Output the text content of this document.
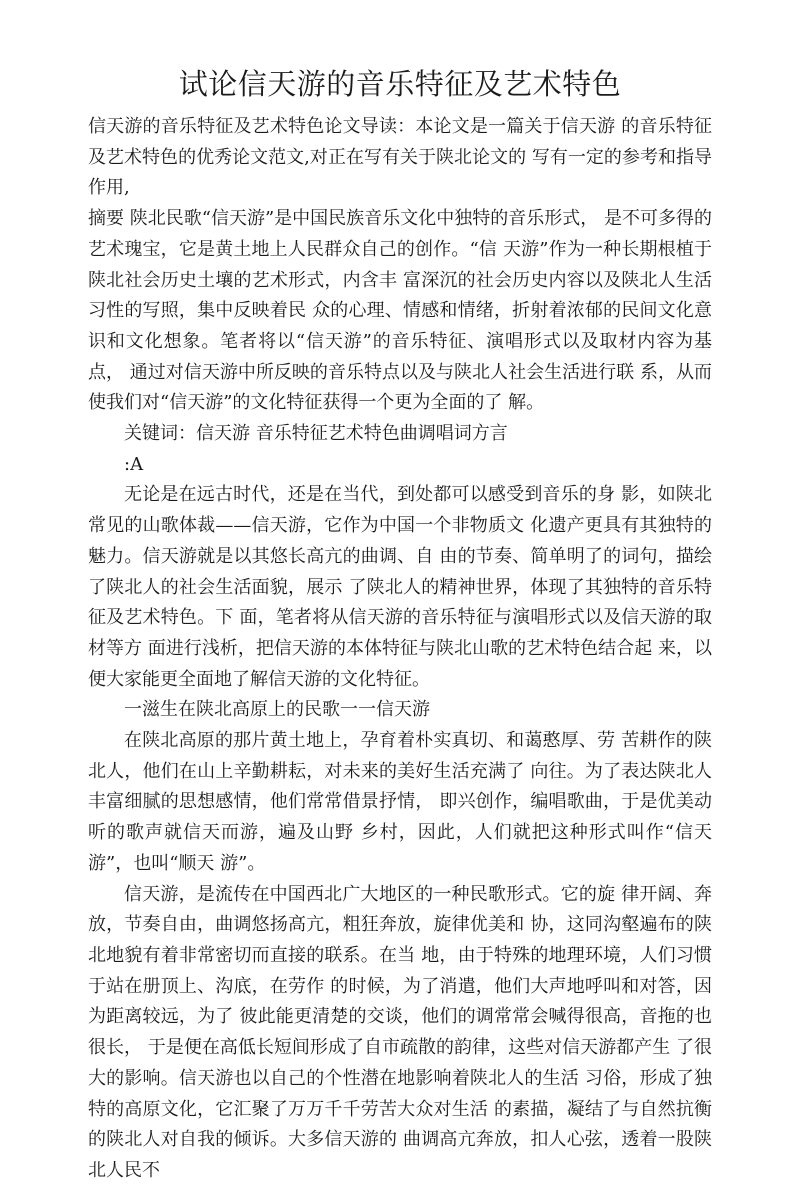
试论信天游的音乐特征及艺术特色

信天游的音乐特征及艺术特色论文导读：本论文是一篇关于信天游 的音乐特征及艺术特色的优秀论文范文,对正在写有关于陕北论文的 写有一定的参考和指导作用,

摘要 陕北民歌“信天游”是中国民族音乐文化中独特的音乐形式， 是不可多得的艺术瑰宝，它是黄土地上人民群众自己的创作。“信 天游”作为一种长期根植于陕北社会历史土壤的艺术形式，内含丰 富深沉的社会历史内容以及陕北人生活习性的写照，集中反映着民 众的心理、情感和情绪，折射着浓郁的民间文化意识和文化想象。笔者将以“信天游”的音乐特征、演唱形式以及取材内容为基点， 通过对信天游中所反映的音乐特点以及与陕北人社会生活进行联 系，从而使我们对“信天游”的文化特征获得一个更为全面的了 解。

关键词：信天游 音乐特征艺术特色曲调唱词方言

:A

无论是在远古时代，还是在当代，到处都可以感受到音乐的身 影，如陕北常见的山歌体裁——信天游，它作为中国一个非物质文 化遗产更具有其独特的魅力。信天游就是以其悠长高亢的曲调、自 由的节奏、简单明了的词句，描绘了陕北人的社会生活面貌，展示 了陕北人的精神世界，体现了其独特的音乐特征及艺术特色。下 面，笔者将从信天游的音乐特征与演唱形式以及信天游的取材等方 面进行浅析，把信天游的本体特征与陕北山歌的艺术特色结合起 来，以便大家能更全面地了解信天游的文化特征。

一滋生在陕北高原上的民歌一一信天游

在陕北高原的那片黄土地上，孕育着朴实真切、和蔼憨厚、劳 苦耕作的陕北人，他们在山上辛勤耕耘，对未来的美好生活充满了 向往。为了表达陕北人丰富细腻的思想感情，他们常常借景抒情， 即兴创作，编唱歌曲，于是优美动听的歌声就信天而游，遍及山野 乡村，因此，人们就把这种形式叫作“信天游”，也叫“顺天 游”。

信天游，是流传在中国西北广大地区的一种民歌形式。它的旋 律开阔、奔放，节奏自由，曲调悠扬高亢，粗狂奔放，旋律优美和 协，这同沟壑遍布的陕北地貌有着非常密切而直接的联系。在当 地，由于特殊的地理环境，人们习惯于站在册顶上、沟底，在劳作 的时候，为了消遣，他们大声地呼叫和对答，因为距离较远，为了 彼此能更清楚的交谈，他们的调常常会喊得很高，音拖的也很长， 于是便在高低长短间形成了自市疏散的韵律，这些对信天游都产生 了很大的影响。信天游也以自己的个性潜在地影响着陕北人的生活 习俗，形成了独特的高原文化，它汇聚了万万千千劳苦大众对生活 的素描，凝结了与自然抗衡的陕北人对自我的倾诉。大多信天游的 曲调高亢奔放，扣人心弦，透着一股陕北人民不
